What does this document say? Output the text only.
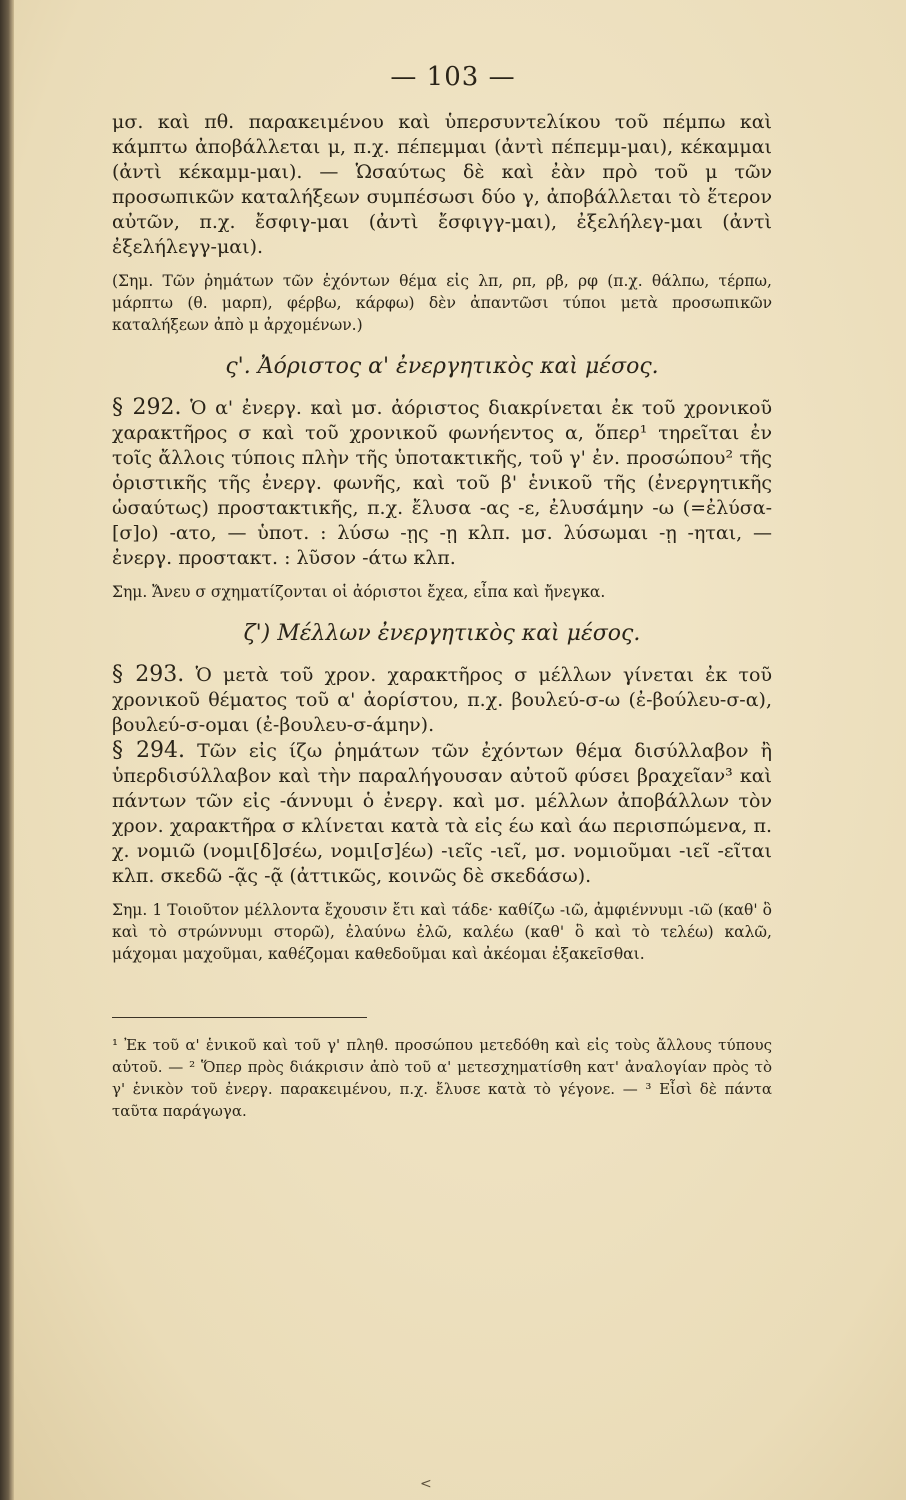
— 103 —

μσ. καὶ πθ. παρακειμένου καὶ ὑπερσυντελίκου τοῦ πέμπω καὶ κάμπτω ἀποβάλλεται μ, π.χ. πέπεμμαι (ἀντὶ πέπεμμ-μαι), κέκαμμαι (ἀντὶ κέκαμμ-μαι). — Ὡσαύτως δὲ καὶ ἐὰν πρὸ τοῦ μ τῶν προσωπικῶν καταλήξεων συμπέσωσι δύο γ, ἀποβάλλεται τὸ ἕτερον αὐτῶν, π.χ. ἔσφιγ-μαι (ἀντὶ ἔσφιγγ-μαι), ἐξελήλεγ-μαι (ἀντὶ ἐξελήλεγγ-μαι).

(Σημ. Τῶν ῥημάτων τῶν ἐχόντων θέμα εἰς λπ, ρπ, ρβ, ρφ (π.χ. θάλπω, τέρπω, μάρπτω (θ. μαρπ), φέρβω, κάρφω) δὲν ἀπαντῶσι τύποι μετὰ προσωπικῶν καταλήξεων ἀπὸ μ ἀρχομένων.)

ς'. Ἀόριστος α' ἐνεργητικὸς καὶ μέσος.

§ 292. Ὁ α' ἐνεργ. καὶ μσ. ἀόριστος διακρίνεται ἐκ τοῦ χρονικοῦ χαρακτῆρος σ καὶ τοῦ χρονικοῦ φωνήεντος α, ὅπερ¹ τηρεῖται ἐν τοῖς ἄλλοις τύποις πλὴν τῆς ὑποτακτικῆς, τοῦ γ' ἐν. προσώπου² τῆς ὁριστικῆς τῆς ἐνεργ. φωνῆς, καὶ τοῦ β' ἑνικοῦ τῆς (ἐνεργητικῆς ὡσαύτως) προστακτικῆς, π.χ. ἔλυσα -ας -ε, ἐλυσάμην -ω (=ἐλύσα-[σ]ο) -ατο, — ὑποτ. : λύσω -ῃς -ῃ κλπ. μσ. λύσωμαι -ῃ -ηται, — ἐνεργ. προστακτ. : λῦσον -άτω κλπ.

Σημ. Ἄνευ σ σχηματίζονται οἱ ἀόριστοι ἔχεα, εἶπα καὶ ἤνεγκα.

ζ') Μέλλων ἐνεργητικὸς καὶ μέσος.

§ 293. Ὁ μετὰ τοῦ χρον. χαρακτῆρος σ μέλλων γίνεται ἐκ τοῦ χρονικοῦ θέματος τοῦ α' ἀορίστου, π.χ. βουλεύ-σ-ω (ἐ-βούλευ-σ-α), βουλεύ-σ-ομαι (ἐ-βουλευ-σ-άμην).

§ 294. Τῶν εἰς ίζω ῥημάτων τῶν ἐχόντων θέμα δισύλλαβον ἢ ὑπερδισύλλαβον καὶ τὴν παραλήγουσαν αὐτοῦ φύσει βραχεῖαν³ καὶ πάντων τῶν εἰς -άννυμι ὁ ἐνεργ. καὶ μσ. μέλλων ἀποβάλλων τὸν χρον. χαρακτῆρα σ κλίνεται κατὰ τὰ εἰς έω καὶ άω περισπώμενα, π. χ. νομιῶ (νομι[δ]σέω, νομι[σ]έω) -ιεῖς -ιεῖ, μσ. νομιοῦμαι -ιεῖ -εῖται κλπ. σκεδῶ -ᾷς -ᾷ (ἀττικῶς, κοινῶς δὲ σκεδάσω).

Σημ. 1 Τοιοῦτον μέλλοντα ἔχουσιν ἔτι καὶ τάδε· καθίζω -ιῶ, ἀμφιέννυμι -ιῶ (καθ' ὃ καὶ τὸ στρώννυμι στορῶ), ἐλαύνω ἐλῶ, καλέω (καθ' ὃ καὶ τὸ τελέω) καλῶ, μάχομαι μαχοῦμαι, καθέζομαι καθεδοῦμαι καὶ ἀκέομαι ἐξακεῖσθαι.

¹ Ἐκ τοῦ α' ἑνικοῦ καὶ τοῦ γ' πληθ. προσώπου μετεδόθη καὶ εἰς τοὺς ἄλλους τύπους αὐτοῦ. — ² Ὅπερ πρὸς διάκρισιν ἀπὸ τοῦ α' μετεσχηματίσθη κατ' ἀναλογίαν πρὸς τὸ γ' ἑνικὸν τοῦ ἐνεργ. παρακειμένου, π.χ. ἔλυσε κατὰ τὸ γέγονε. — ³ Εἶσὶ δὲ πάντα ταῦτα παράγωγα.

<
